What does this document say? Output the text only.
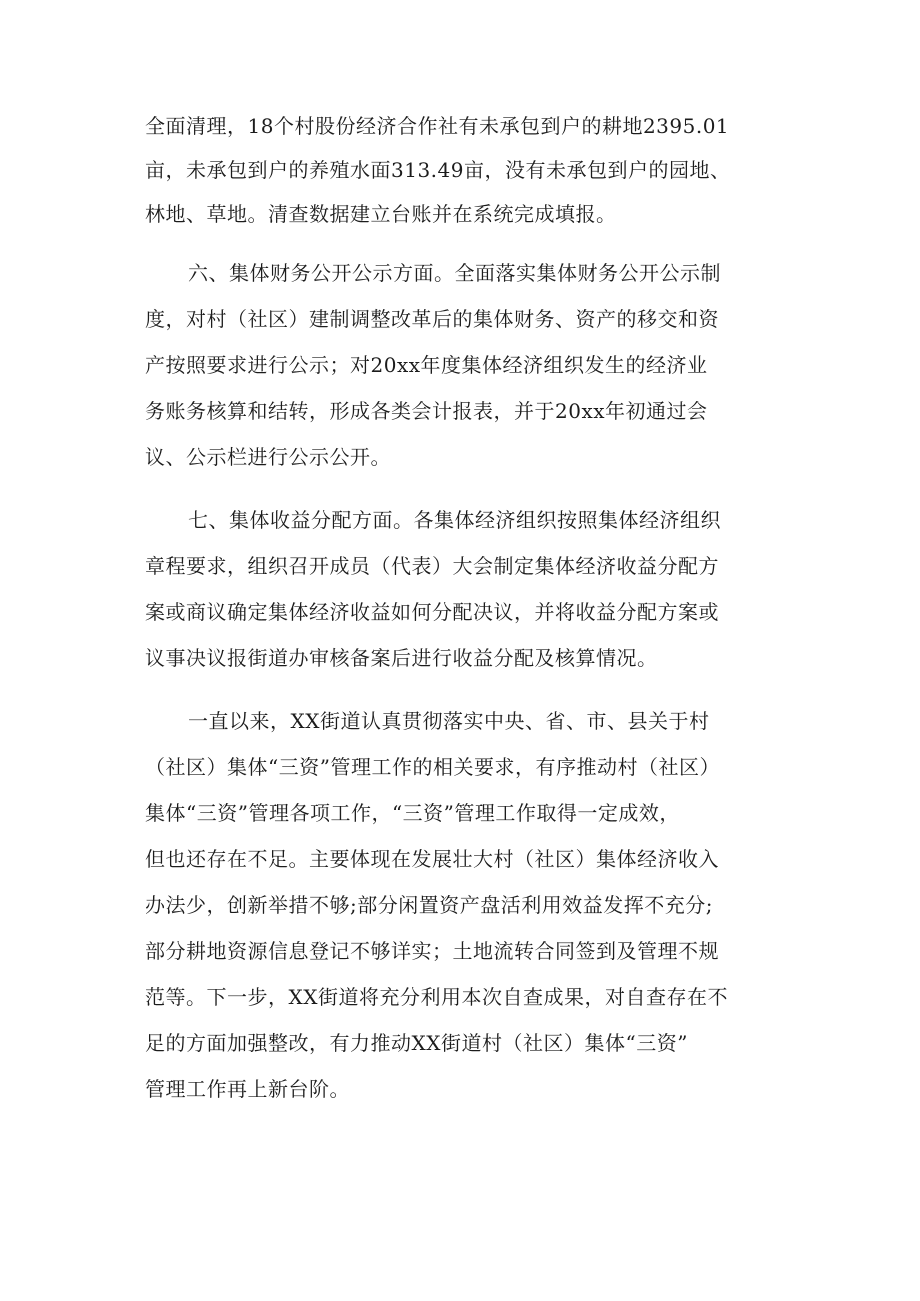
全面清理，18个村股份经济合作社有未承包到户的耕地2395.01

亩，未承包到户的养殖水面313.49亩，没有未承包到户的园地、

林地、草地。清查数据建立台账并在系统完成填报。

六、集体财务公开公示方面。全面落实集体财务公开公示制

度，对村（社区）建制调整改革后的集体财务、资产的移交和资

产按照要求进行公示；对20xx年度集体经济组织发生的经济业

务账务核算和结转，形成各类会计报表，并于20xx年初通过会

议、公示栏进行公示公开。

七、集体收益分配方面。各集体经济组织按照集体经济组织

章程要求，组织召开成员（代表）大会制定集体经济收益分配方

案或商议确定集体经济收益如何分配决议，并将收益分配方案或

议事决议报街道办审核备案后进行收益分配及核算情况。

一直以来，XX街道认真贯彻落实中央、省、市、县关于村

（社区）集体“三资”管理工作的相关要求，有序推动村（社区）

集体“三资”管理各项工作，“三资”管理工作取得一定成效，

但也还存在不足。主要体现在发展壮大村（社区）集体经济收入

办法少，创新举措不够;部分闲置资产盘活利用效益发挥不充分;

部分耕地资源信息登记不够详实；土地流转合同签到及管理不规

范等。下一步，XX街道将充分利用本次自查成果，对自查存在不

足的方面加强整改，有力推动XX街道村（社区）集体“三资”

管理工作再上新台阶。
